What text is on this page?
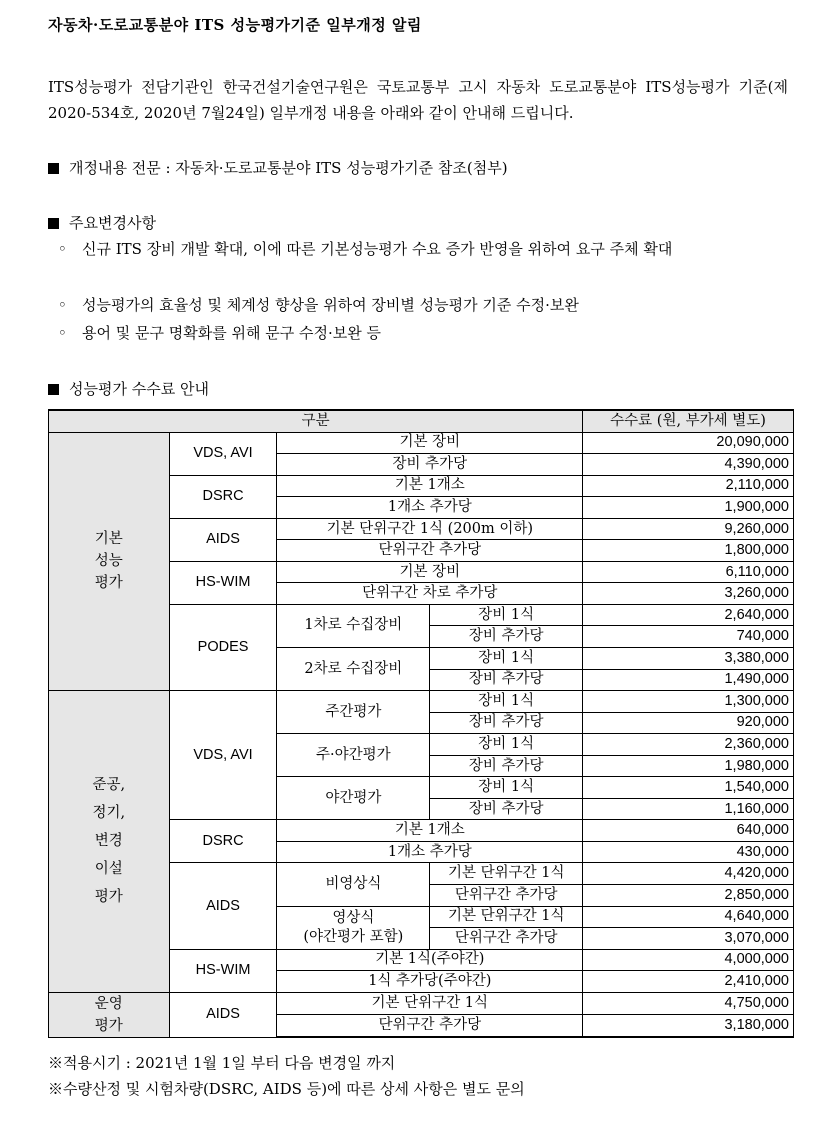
자동차·도로교통분야 ITS 성능평가기준 일부개정 알림

ITS성능평가 전담기관인 한국건설기술연구원은 국토교통부 고시 자동차 도로교통분야 ITS성능평가 기준(제 2020-534호, 2020년 7월24일) 일부개정 내용을 아래와 같이 안내해 드립니다.

개정내용 전문 : 자동차·도로교통분야 ITS 성능평가기준 참조(첨부)
주요변경사항
◦ 신규 ITS 장비 개발 확대, 이에 따른 기본성능평가 수요 증가 반영을 위하여 요구 주체 확대
◦ 성능평가의 효율성 및 체계성 향상을 위하여 장비별 성능평가 기준 수정·보완
◦ 용어 및 문구 명확화를 위해 문구 수정·보완 등
성능평가 수수료 안내
구분				수수료 (원, 부가세 별도)
기본
성능
평가	VDS, AVI	기본 장비		20,090,000
		장비 추가당		4,390,000
	DSRC	기본 1개소		2,110,000
		1개소 추가당		1,900,000
	AIDS	기본 단위구간 1식 (200m 이하)		9,260,000
		단위구간 추가당		1,800,000
	HS-WIM	기본 장비		6,110,000
		단위구간 차로 추가당		3,260,000
	PODES	1차로 수집장비	장비 1식	2,640,000
			장비 추가당	740,000
		2차로 수집장비	장비 1식	3,380,000
			장비 추가당	1,490,000
준공,
정기,
변경
이설
평가	VDS, AVI	주간평가	장비 1식	1,300,000
			장비 추가당	920,000
		주·야간평가	장비 1식	2,360,000
			장비 추가당	1,980,000
		야간평가	장비 1식	1,540,000
			장비 추가당	1,160,000
	DSRC	기본 1개소		640,000
		1개소 추가당		430,000
	AIDS	비영상식	기본 단위구간 1식	4,420,000
			단위구간 추가당	2,850,000
		영상식
(야간평가 포함)	기본 단위구간 1식	4,640,000
			단위구간 추가당	3,070,000
	HS-WIM	기본 1식(주야간)		4,000,000
		1식 추가당(주야간)		2,410,000
운영
평가	AIDS	기본 단위구간 1식		4,750,000
		단위구간 추가당		3,180,000
※적용시기 : 2021년 1월 1일 부터 다음 변경일 까지
※수량산정 및 시험차량(DSRC, AIDS 등)에 따른 상세 사항은 별도 문의
